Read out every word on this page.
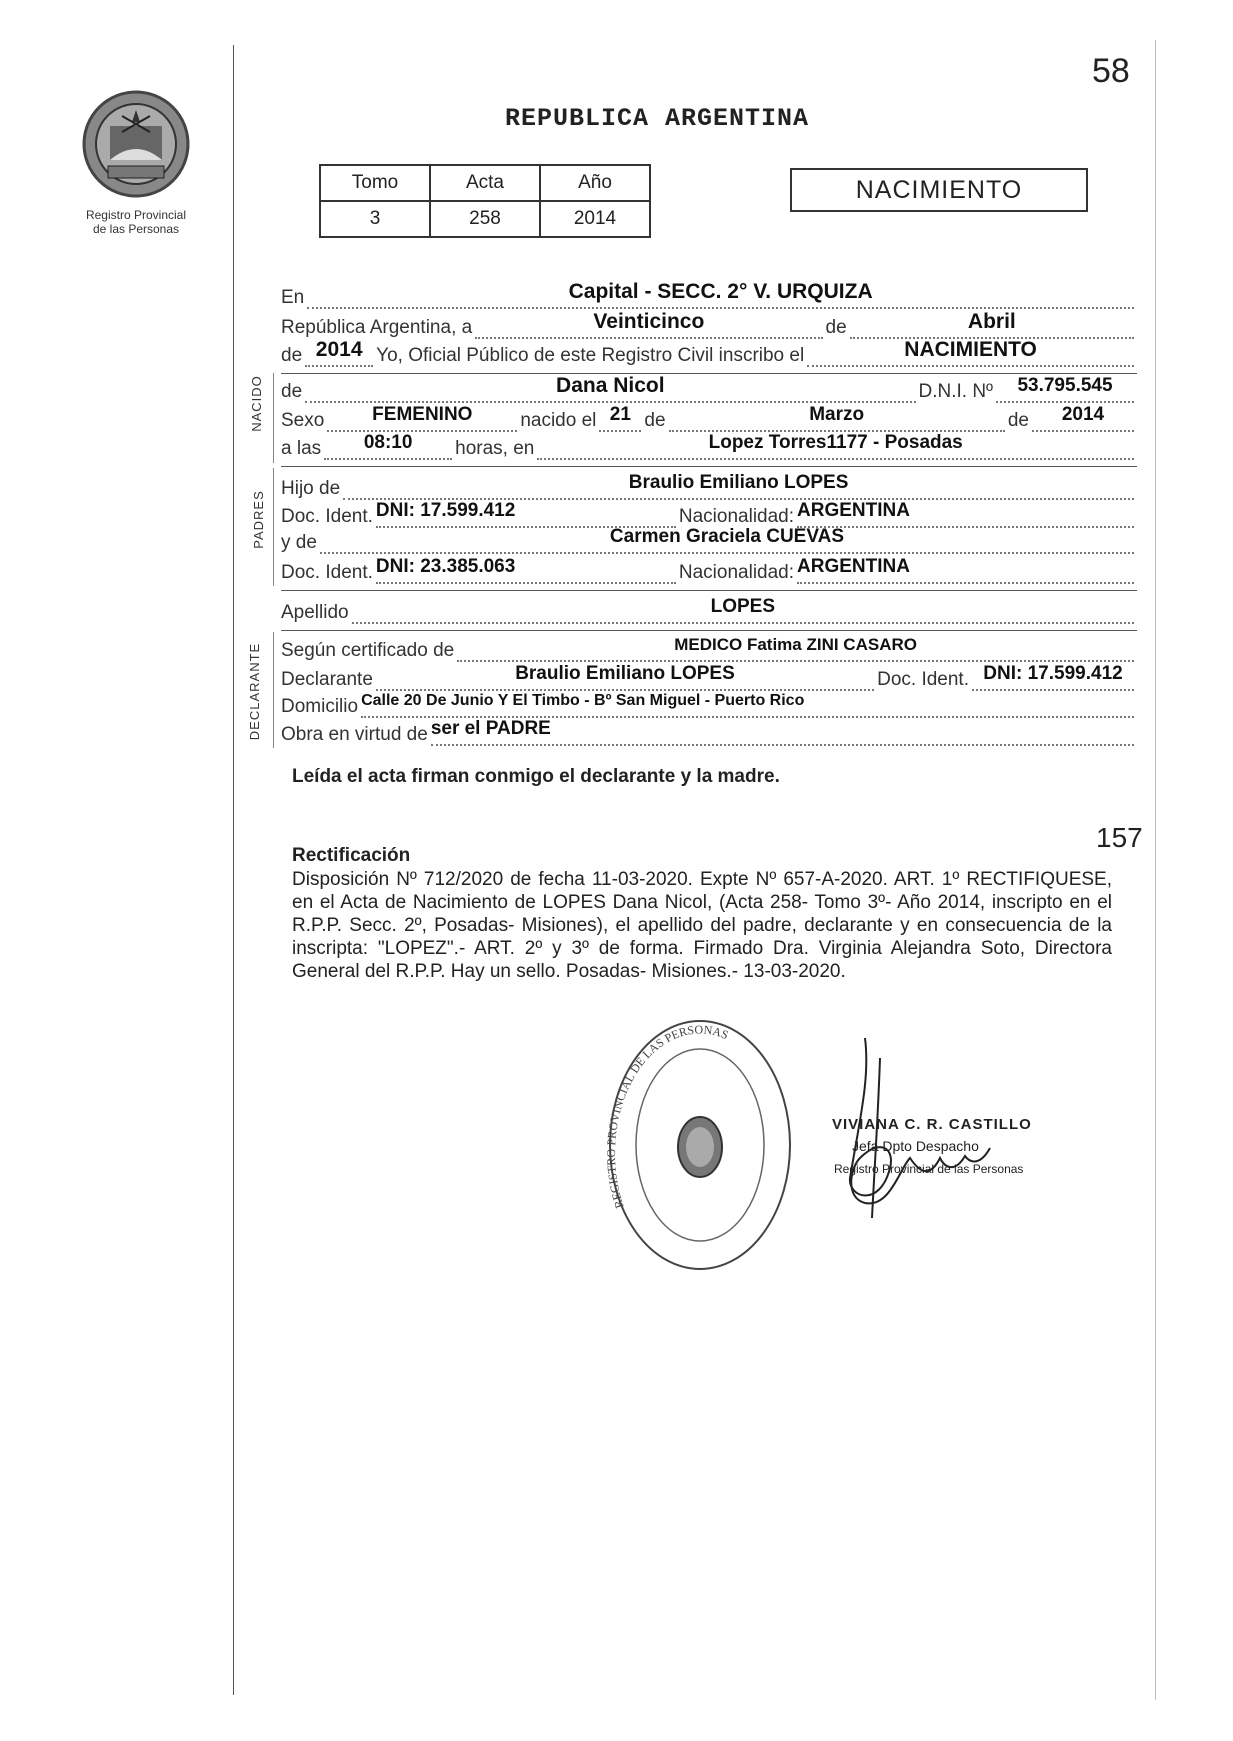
Registro Provincial
de las Personas
58
REPUBLICA ARGENTINA
Tomo	Acta	Año
3	258	2014
NACIMIENTO
En	Capital - SECC. 2° V. URQUIZA
República Argentina, a	Veinticinco	de	Abril
de 2014 Yo, Oficial Público de este Registro Civil inscribo el	NACIMIENTO
NACIDO de	Dana Nicol	D.N.I. Nº	53.795.545
Sexo	FEMENINO	nacido el 21 de	Marzo	de	2014
a las	08:10	horas, en	Lopez Torres1177 - Posadas
PADRES
Hijo de	Braulio Emiliano LOPES
Doc. Ident. DNI: 17.599.412	Nacionalidad: ARGENTINA
y de	Carmen Graciela CUEVAS
Doc. Ident. DNI: 23.385.063	Nacionalidad: ARGENTINA
Apellido	LOPES
DECLARANTE Según certificado de	MEDICO Fatima ZINI CASARO
Declarante	Braulio Emiliano LOPES	Doc. Ident. DNI: 17.599.412
Domicilio Calle 20 De Junio Y El Timbo - Bº San Miguel - Puerto Rico
Obra en virtud de ser el PADRE
Leída el acta firman conmigo el declarante y la madre.
157
Rectificación
Disposición Nº 712/2020 de fecha 11-03-2020. Expte Nº 657-A-2020. ART. 1º RECTIFIQUESE, en el Acta de Nacimiento de LOPES Dana Nicol, (Acta 258- Tomo 3º- Año 2014, inscripto en el R.P.P. Secc. 2º, Posadas- Misiones), el apellido del padre, declarante y en consecuencia de la inscripta: "LOPEZ".- ART. 2º y 3º de forma. Firmado Dra. Virginia Alejandra Soto, Directora General del R.P.P. Hay un sello. Posadas- Misiones.- 13-03-2020.
REGISTRO PROVINCIAL DE LAS PERSONAS
VIVIANA C. R. CASTILLO
Jefa Dpto Despacho
Registro Provincial de las Personas
